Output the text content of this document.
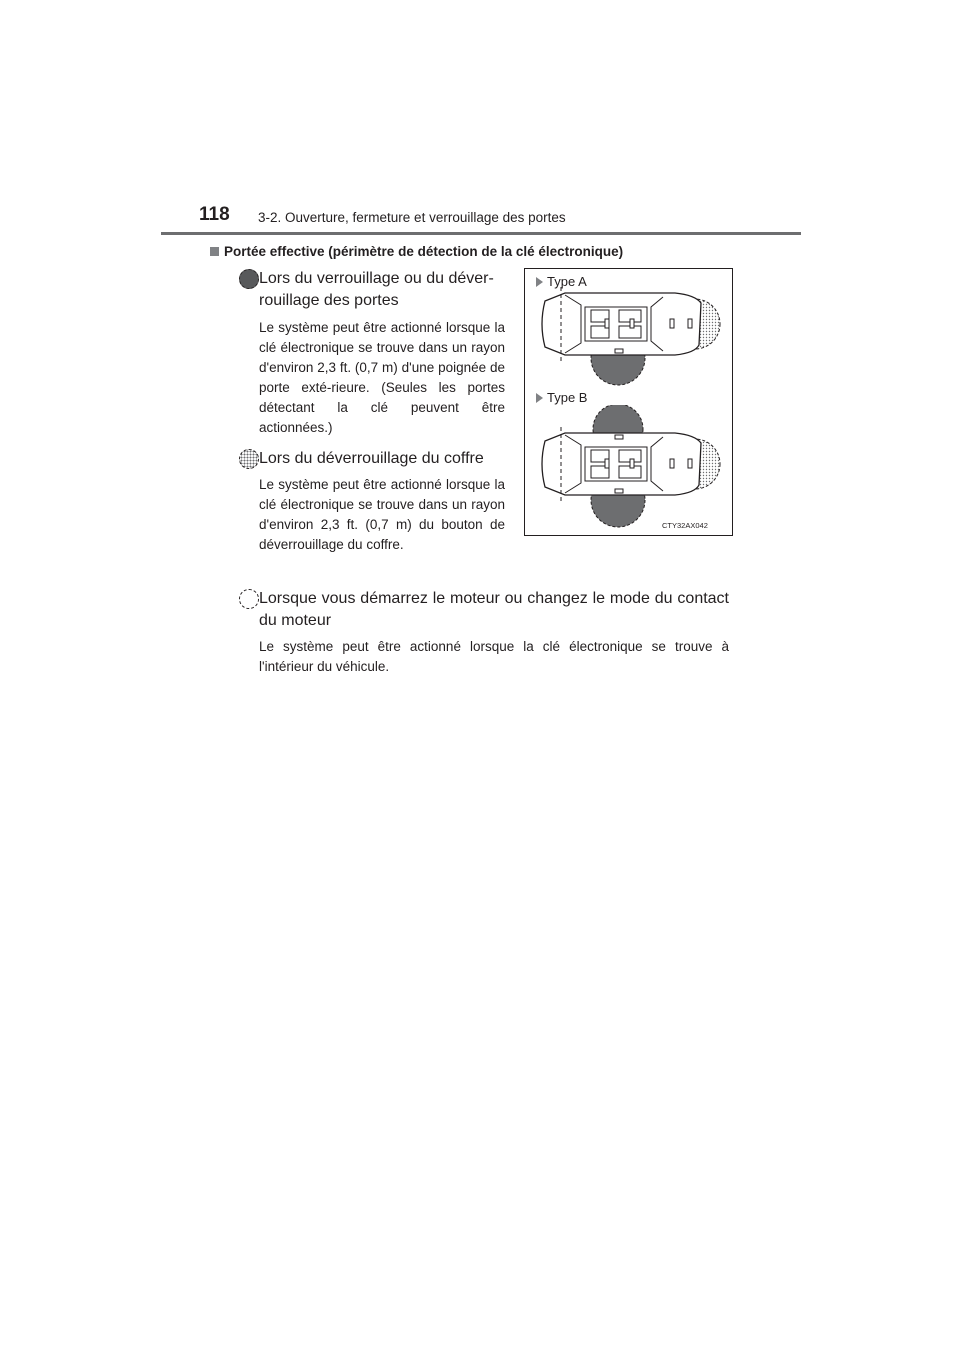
118 3-2. Ouverture, fermeture et verrouillage des portes
Portée effective (périmètre de détection de la clé électronique)
Lors du verrouillage ou du déver-rouillage des portes
Le système peut être actionné lorsque la clé électronique se trouve dans un rayon d'environ 2,3 ft. (0,7 m) d'une poignée de porte exté-rieure. (Seules les portes détectant la clé peuvent être actionnées.)
Lors du déverrouillage du coffre
Le système peut être actionné lorsque la clé électronique se trouve dans un rayon d'environ 2,3 ft. (0,7 m) du bouton de déverrouillage du coffre.
Lorsque vous démarrez le moteur ou changez le mode du contact du moteur
Le système peut être actionné lorsque la clé électronique se trouve à l'intérieur du véhicule.
Type A
Type B
CTY32AX042
